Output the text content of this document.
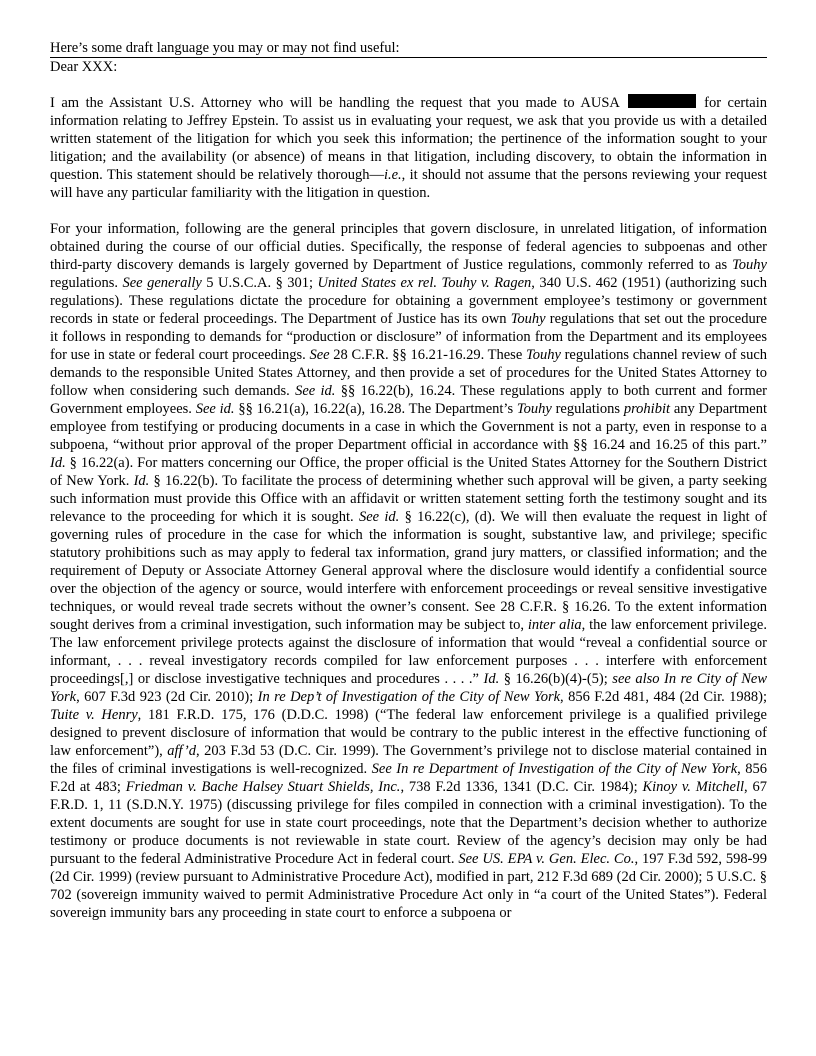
Here’s some draft language you may or may not find useful:
Dear XXX:

I am the Assistant U.S. Attorney who will be handling the request that you made to AUSA	for certain information relating to Jeffrey Epstein. To assist us in evaluating your request, we ask that you provide us with a detailed written statement of the litigation for which you seek this information; the pertinence of the information sought to your litigation; and the availability (or absence) of means in that litigation, including discovery, to obtain the information in question. This statement should be relatively thorough—i.e., it should not assume that the persons reviewing your request will have any particular familiarity with the litigation in question.

For your information, following are the general principles that govern disclosure, in unrelated litigation, of information obtained during the course of our official duties. Specifically, the response of federal agencies to subpoenas and other third-party discovery demands is largely governed by Department of Justice regulations, commonly referred to as Touhy regulations. See generally 5 U.S.C.A. § 301; United States ex rel. Touhy v. Ragen, 340 U.S. 462 (1951) (authorizing such regulations). These regulations dictate the procedure for obtaining a government employee’s testimony or government records in state or federal proceedings. The Department of Justice has its own Touhy regulations that set out the procedure it follows in responding to demands for “production or disclosure” of information from the Department and its employees for use in state or federal court proceedings. See 28 C.F.R. §§ 16.21-16.29. These Touhy regulations channel review of such demands to the responsible United States Attorney, and then provide a set of procedures for the United States Attorney to follow when considering such demands. See id. §§ 16.22(b), 16.24. These regulations apply to both current and former Government employees. See id. §§ 16.21(a), 16.22(a), 16.28. The Department’s Touhy regulations prohibit any Department employee from testifying or producing documents in a case in which the Government is not a party, even in response to a subpoena, “without prior approval of the proper Department official in accordance with §§ 16.24 and 16.25 of this part.” Id. § 16.22(a). For matters concerning our Office, the proper official is the United States Attorney for the Southern District of New York. Id. § 16.22(b). To facilitate the process of determining whether such approval will be given, a party seeking such information must provide this Office with an affidavit or written statement setting forth the testimony sought and its relevance to the proceeding for which it is sought. See id. § 16.22(c), (d). We will then evaluate the request in light of governing rules of procedure in the case for which the information is sought, substantive law, and privilege; specific statutory prohibitions such as may apply to federal tax information, grand jury matters, or classified information; and the requirement of Deputy or Associate Attorney General approval where the disclosure would identify a confidential source over the objection of the agency or source, would interfere with enforcement proceedings or reveal sensitive investigative techniques, or would reveal trade secrets without the owner’s consent. See 28 C.F.R. § 16.26. To the extent information sought derives from a criminal investigation, such information may be subject to, inter alia, the law enforcement privilege. The law enforcement privilege protects against the disclosure of information that would “reveal a confidential source or informant, . . . reveal investigatory records compiled for law enforcement purposes . . . interfere with enforcement proceedings[,] or disclose investigative techniques and procedures . . . .” Id. § 16.26(b)(4)-(5); see also In re City of New York, 607 F.3d 923 (2d Cir. 2010); In re Dep’t of Investigation of the City of New York, 856 F.2d 481, 484 (2d Cir. 1988); Tuite v. Henry, 181 F.R.D. 175, 176 (D.D.C. 1998) (“The federal law enforcement privilege is a qualified privilege designed to prevent disclosure of information that would be contrary to the public interest in the effective functioning of law enforcement”), aff’d, 203 F.3d 53 (D.C. Cir. 1999). The Government’s privilege not to disclose material contained in the files of criminal investigations is well-recognized. See In re Department of Investigation of the City of New York, 856 F.2d at 483; Friedman v. Bache Halsey Stuart Shields, Inc., 738 F.2d 1336, 1341 (D.C. Cir. 1984); Kinoy v. Mitchell, 67 F.R.D. 1, 11 (S.D.N.Y. 1975) (discussing privilege for files compiled in connection with a criminal investigation). To the extent documents are sought for use in state court proceedings, note that the Department’s decision whether to authorize testimony or produce documents is not reviewable in state court. Review of the agency’s decision may only be had pursuant to the federal Administrative Procedure Act in federal court. See US. EPA v. Gen. Elec. Co., 197 F.3d 592, 598-99 (2d Cir. 1999) (review pursuant to Administrative Procedure Act), modified in part, 212 F.3d 689 (2d Cir. 2000); 5 U.S.C. § 702 (sovereign immunity waived to permit Administrative Procedure Act only in “a court of the United States”). Federal sovereign immunity bars any proceeding in state court to enforce a subpoena or
